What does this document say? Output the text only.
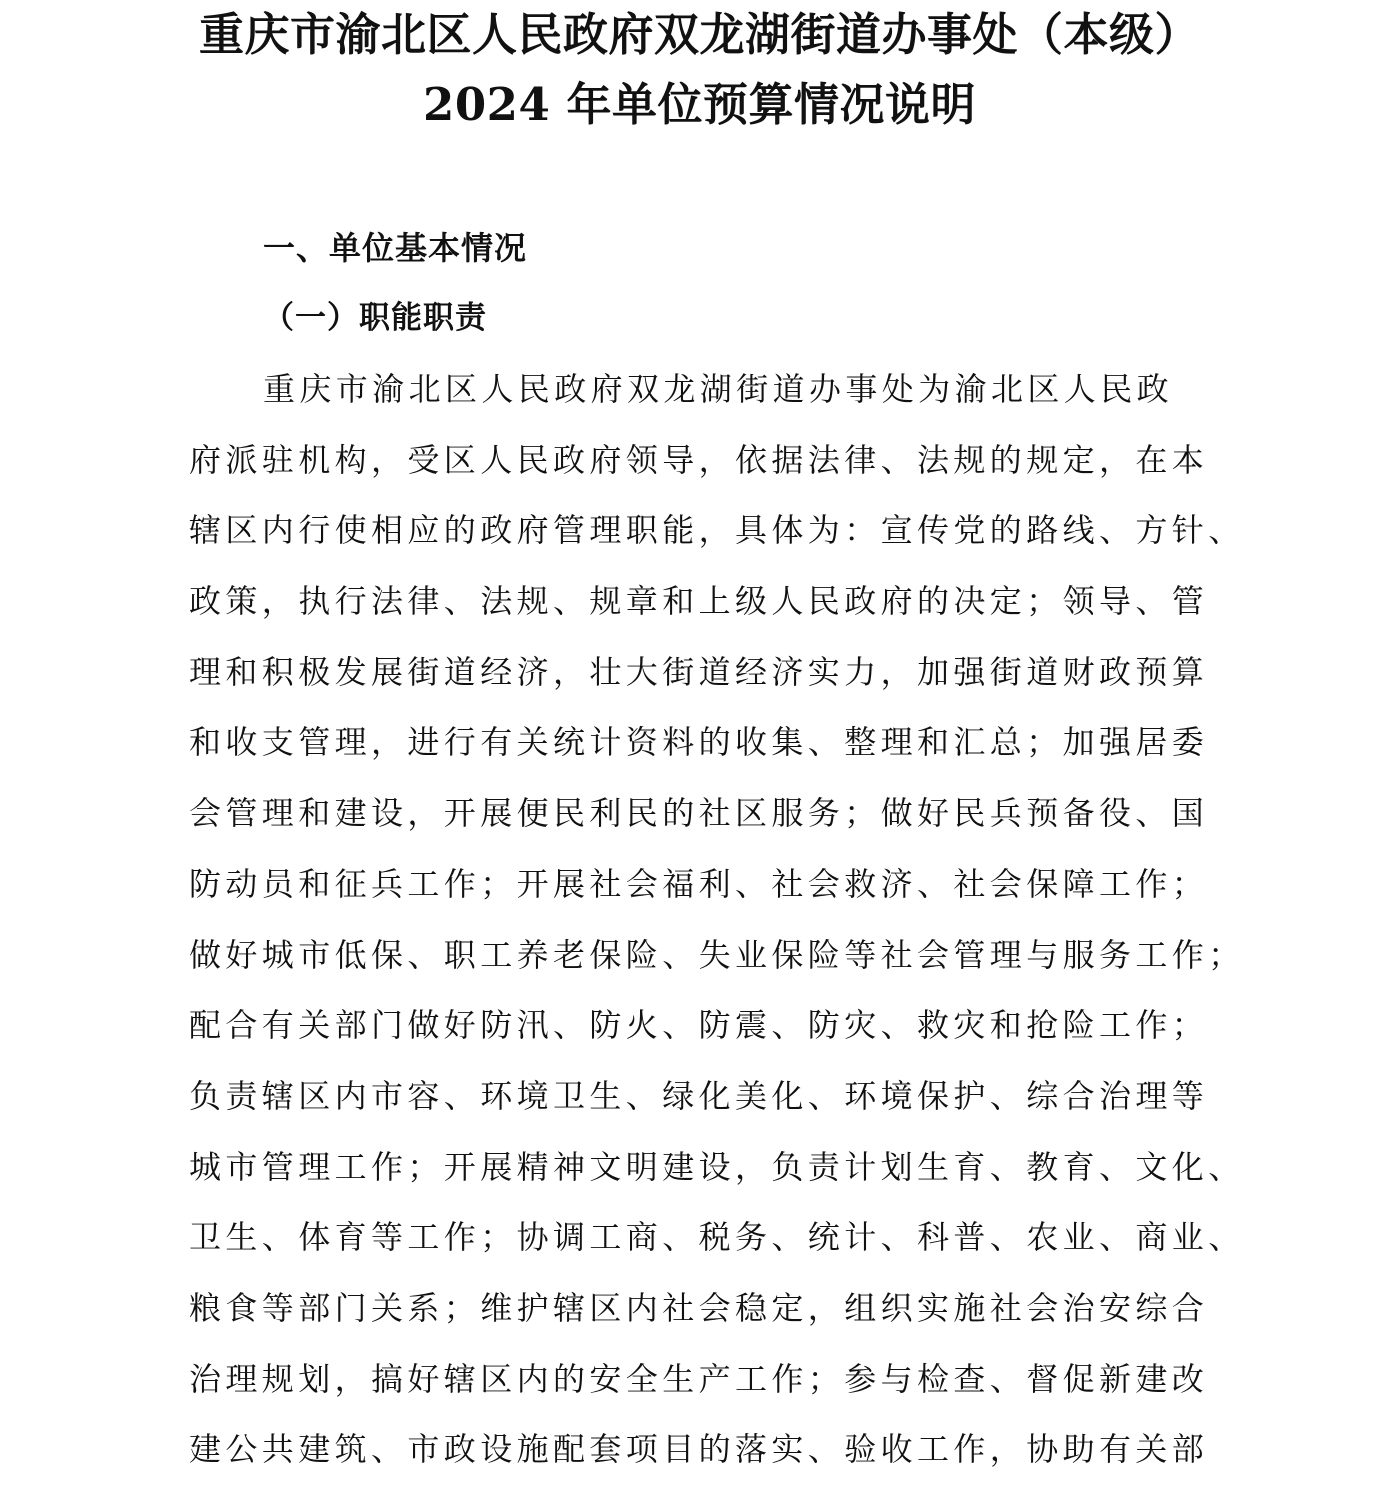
重庆市渝北区人民政府双龙湖街道办事处（本级）
2024 年单位预算情况说明
一、单位基本情况
（一）职能职责
重庆市渝北区人民政府双龙湖街道办事处为渝北区人民政
府派驻机构，受区人民政府领导，依据法律、法规的规定，在本
辖区内行使相应的政府管理职能，具体为：宣传党的路线、方针、
政策，执行法律、法规、规章和上级人民政府的决定；领导、管
理和积极发展街道经济，壮大街道经济实力，加强街道财政预算
和收支管理，进行有关统计资料的收集、整理和汇总；加强居委
会管理和建设，开展便民利民的社区服务；做好民兵预备役、国
防动员和征兵工作；开展社会福利、社会救济、社会保障工作；
做好城市低保、职工养老保险、失业保险等社会管理与服务工作；
配合有关部门做好防汛、防火、防震、防灾、救灾和抢险工作；
负责辖区内市容、环境卫生、绿化美化、环境保护、综合治理等
城市管理工作；开展精神文明建设，负责计划生育、教育、文化、
卫生、体育等工作；协调工商、税务、统计、科普、农业、商业、
粮食等部门关系；维护辖区内社会稳定，组织实施社会治安综合
治理规划，搞好辖区内的安全生产工作；参与检查、督促新建改
建公共建筑、市政设施配套项目的落实、验收工作，协助有关部
